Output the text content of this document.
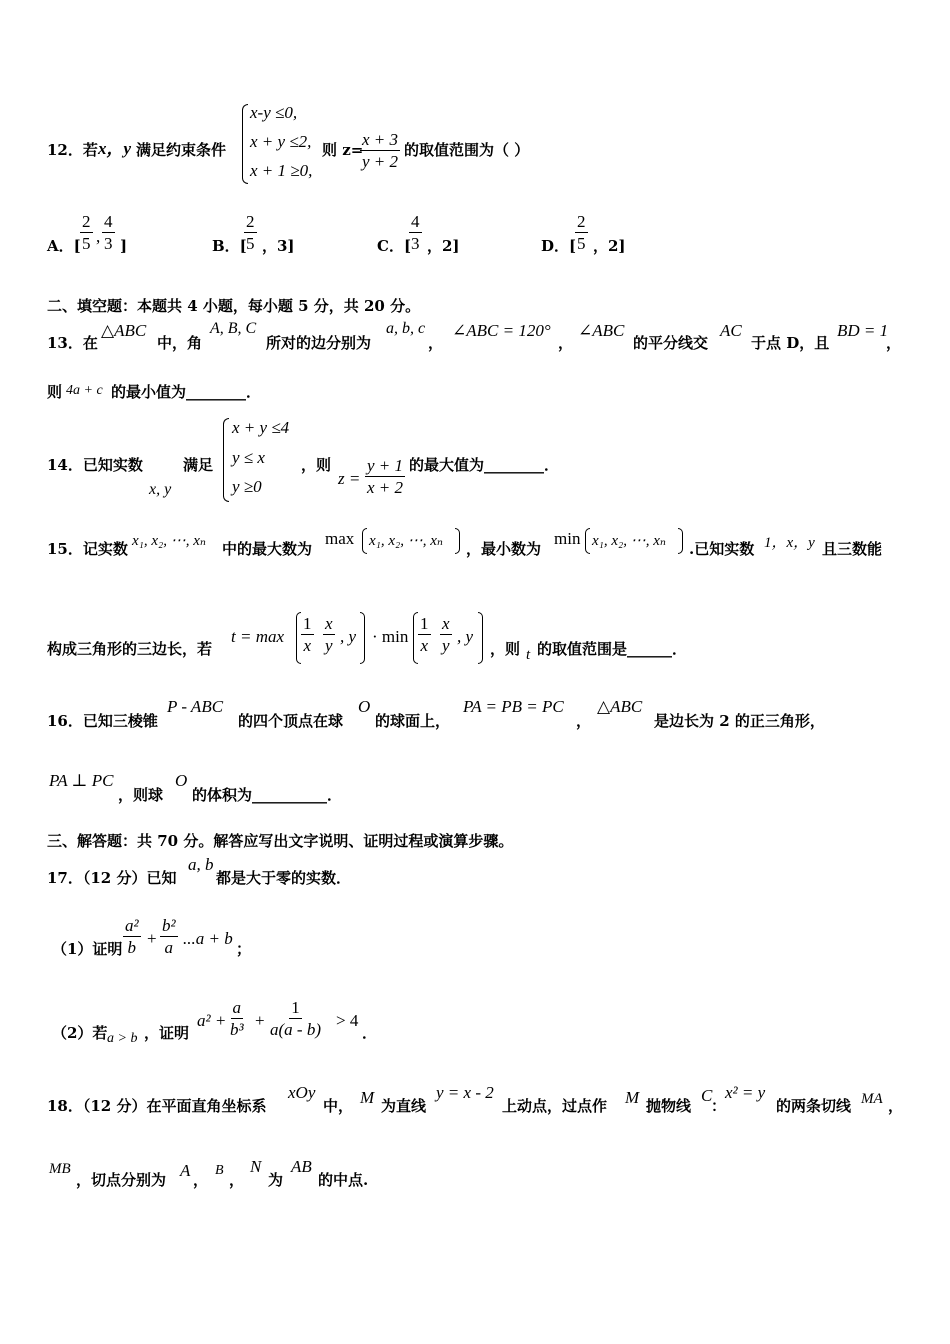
12．若 x，y 满足约束条件
x-y ≤0,
x + y ≤2,
x + 1 ≥0,
则 z=
$\frac{x + 3}{y + 2}$ 的取值范围为（ ）
A．[ $\frac{2}{5}$ , $\frac{4}{3}$ ]	B．[
$\frac{2}{5}$ ，3]	C．[
$\frac{4}{3}$ ，2]	D．[
$\frac{2}{5}$ ，2]
二、填空题：本题共 4 小题，每小题 5 分，共 20 分。
13．在
△ABC
中，角
A, B, C
所对的边分别为
a, b, c
，
∠ABC = 120°
，
∠ABC
的平分线交
AC
于点 D，且
BD = 1
，
则 4a + c 的最小值为________．
14．已知实数
x, y
满足
x + y ≤4
y ≤ x
y ≥0
，则
$z = \frac{y + 1}{x + 2}$ 的最大值为________．
15．记实数 x₁, x₂, ⋯, xₙ 中的最大数为
max x₁, x₂, ⋯, xₙ ，最小数为
min x₁, x₂, ⋯, xₙ .已知实数 1，x，y 且三数能
构成三角形的三边长，若
$t = \max \frac{1}{x} \frac{x}{y}$ , $y \cdot \min \frac{1}{x} \frac{x}{y}$ , y
，则 t 的取值范围是______．
16．已知三棱锥
P - ABC
的四个顶点在球
O
的球面上，
PA = PB = PC
，
△ABC
是边长为 2 的正三角形，
PA ⊥ PC
，则球
O
的体积为__________．
三、解答题：共 70 分。解答应写出文字说明、证明过程或演算步骤。
17．（12 分）已知
a, b
都是大于零的实数．
（1）证明 $\frac{\text{a²}}{b} + \frac{\text{b²}}{a} ...a + b$
；
（2）若 a > b ，证明
$a^2 + \frac{a}{\text{b³}} + \frac{1}{a(a - b)} > 4$
．
18．（12 分）在平面直角坐标系
xOy
中， M 为直线
y = x - 2
上动点，过点作 M 抛物线
C
：
x² = y
的两条切线 MA ，
MB
，切点分别为 A ，
B
，
N
为
AB
的中点.
